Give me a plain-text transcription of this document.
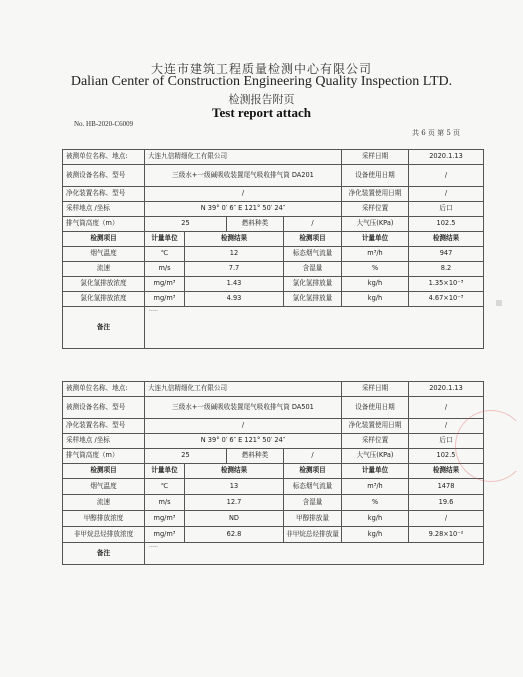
大连市建筑工程质量检测中心有限公司
Dalian Center of Construction Engineering Quality Inspection LTD.
检测报告附页
Test report attach
No. HB-2020-C6009
共 6 页 第 5 页
被测单位名称、地点:	大连九信精细化工有限公司				采样日期	2020.1.13
被测设备名称、型号	三级水+一级碱吸收装置尾气吸收排气筒 DA201				设备使用日期	/
净化装置名称、型号	/				净化装置使用日期	/
采样地点 /坐标	N 39° 0′ 6″ E 121° 50′ 24″				采样位置	后口
排气筒高度（m）	25		燃料种类	/	大气压(KPa)	102.5
检测项目	计量单位	检测结果		检测项目	计量单位	检测结果
烟气温度	℃	12		标态烟气流量	m³/h	947
流速	m/s	7.7		含湿量	%	8.2
氯化氢排放浓度	mg/m³	1.43		氯化氢排放量	kg/h	1.35×10⁻³
氯化氢排放浓度	mg/m³	4.93		氯化氢排放量	kg/h	4.67×10⁻³
备注	-----					
被测单位名称、地点:	大连九信精细化工有限公司				采样日期	2020.1.13
被测设备名称、型号	三级水+一级碱吸收装置尾气吸收排气筒 DA501				设备使用日期	/
净化装置名称、型号	/				净化装置使用日期	/
采样地点 /坐标	N 39° 0′ 6″ E 121° 50′ 24″				采样位置	后口
排气筒高度（m）	25		燃料种类	/	大气压(KPa)	102.5
检测项目	计量单位	检测结果		检测项目	计量单位	检测结果
烟气温度	℃	13		标态烟气流量	m³/h	1478
流速	m/s	12.7		含湿量	%	19.6
甲醇排放浓度	mg/m³	ND		甲醇排放量	kg/h	/
非甲烷总烃排放浓度	mg/m³	62.8		非甲烷总烃排放量	kg/h	9.28×10⁻²
备注	-----					
